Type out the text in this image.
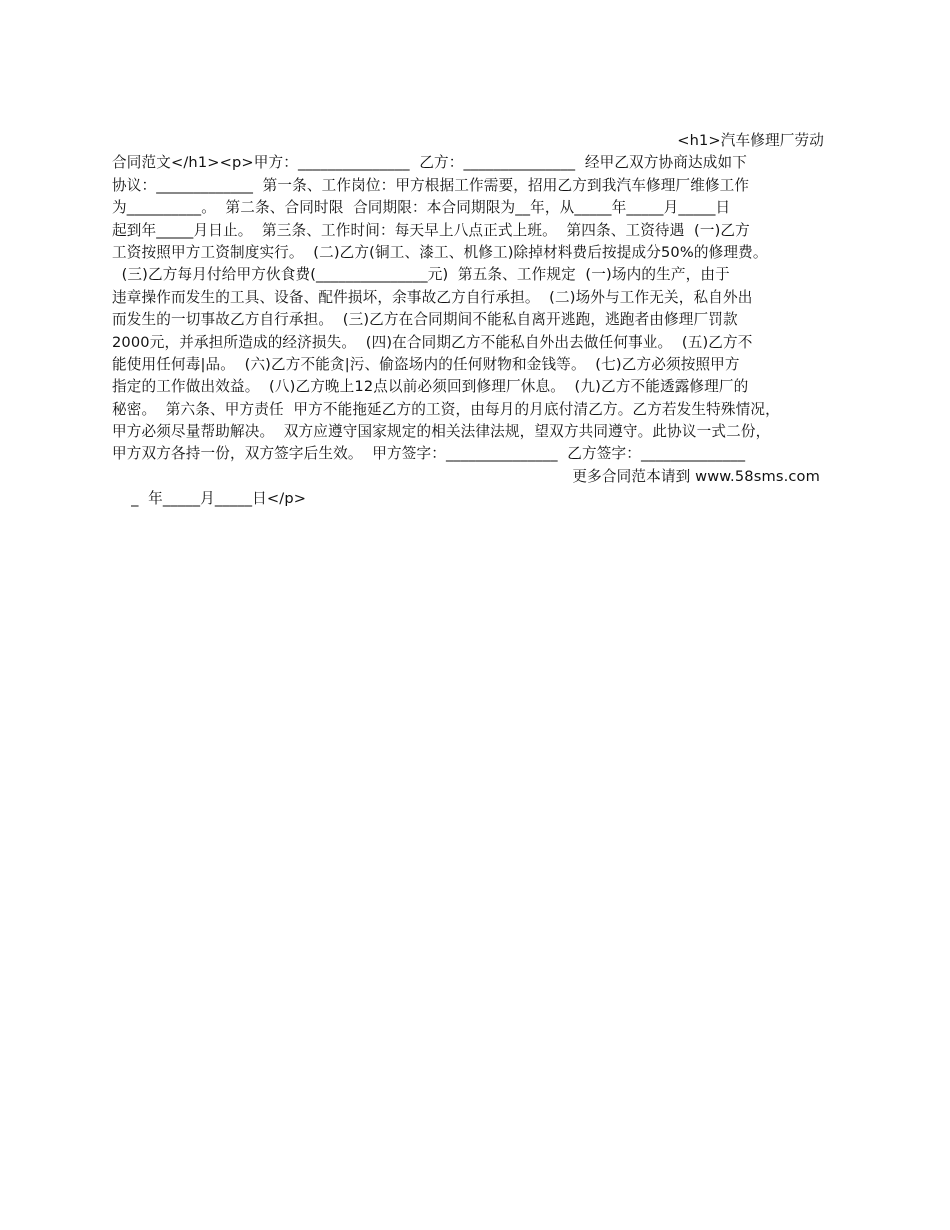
<h1>汽车修理厂劳动
合同范文</h1><p>甲方：_______________  乙方：_______________  经甲乙双方协商达成如下
协议：_____________  第一条、工作岗位：甲方根据工作需要，招用乙方到我汽车修理厂维修工作
为__________。  第二条、合同时限  合同期限：本合同期限为__年，从_____年_____月_____日
起到年_____月日止。  第三条、工作时间：每天早上八点正式上班。  第四条、工资待遇  (一)乙方
工资按照甲方工资制度实行。  (二)乙方(铜工、漆工、机修工)除掉材料费后按提成分50%的修理费。
(三)乙方每月付给甲方伙食费(_______________元)  第五条、工作规定  (一)场内的生产，由于
违章操作而发生的工具、设备、配件损坏，余事故乙方自行承担。  (二)场外与工作无关，私自外出
而发生的一切事故乙方自行承担。  (三)乙方在合同期间不能私自离开逃跑，逃跑者由修理厂罚款
2000元，并承担所造成的经济损失。  (四)在合同期乙方不能私自外出去做任何事业。  (五)乙方不
能使用任何毒|品。  (六)乙方不能贪|污、偷盗场内的任何财物和金钱等。  (七)乙方必须按照甲方
指定的工作做出效益。  (八)乙方晚上12点以前必须回到修理厂休息。  (九)乙方不能透露修理厂的
秘密。  第六条、甲方责任  甲方不能拖延乙方的工资，由每月的月底付清乙方。乙方若发生特殊情况，
甲方必须尽量帮助解决。  双方应遵守国家规定的相关法律法规，望双方共同遵守。此协议一式二份，
甲方双方各持一份，双方签字后生效。  甲方签字：_______________  乙方签字：______________

_  年_____月_____日</p>

更多合同范本请到 www.58sms.com
